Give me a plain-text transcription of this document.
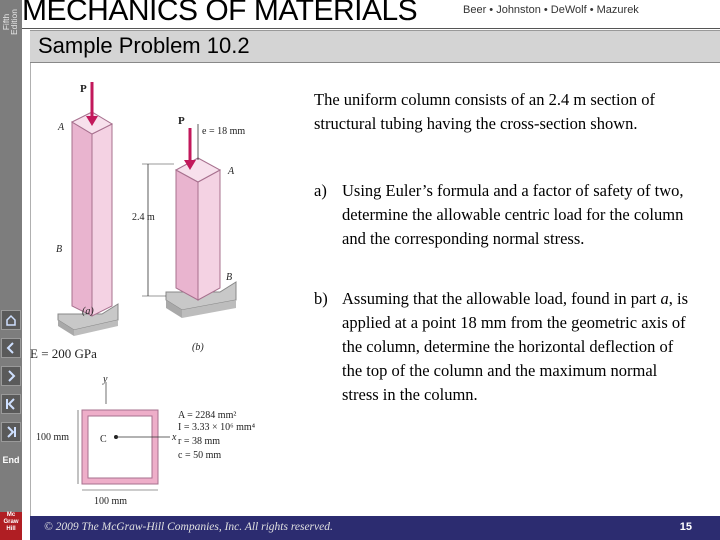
Fifth
Edition
End
Mc
Graw
Hill
MECHANICS OF MATERIALS	Beer • Johnston • DeWolf • Mazurek
Sample Problem 10.2
P
A
B
(a)
P
e = 18 mm
A
B
2.4 m
(b)
E = 200 GPa
y
C	x
100 mm
100 mm
A = 2284 mm²
I = 3.33 × 10⁶ mm⁴
r = 38 mm
c = 50 mm

The uniform column consists of an 2.4 m section of structural tubing having the cross-section shown.

a) Using Euler’s formula and a factor of safety of two, determine the allowable centric load for the column and the corresponding normal stress.
b) Assuming that the allowable load, found in part a, is applied at a point 18 mm from the geometric axis of the column, determine the horizontal deflection of the top of the column and the maximum normal stress in the column.
© 2009 The McGraw-Hill Companies, Inc. All rights reserved.	15
